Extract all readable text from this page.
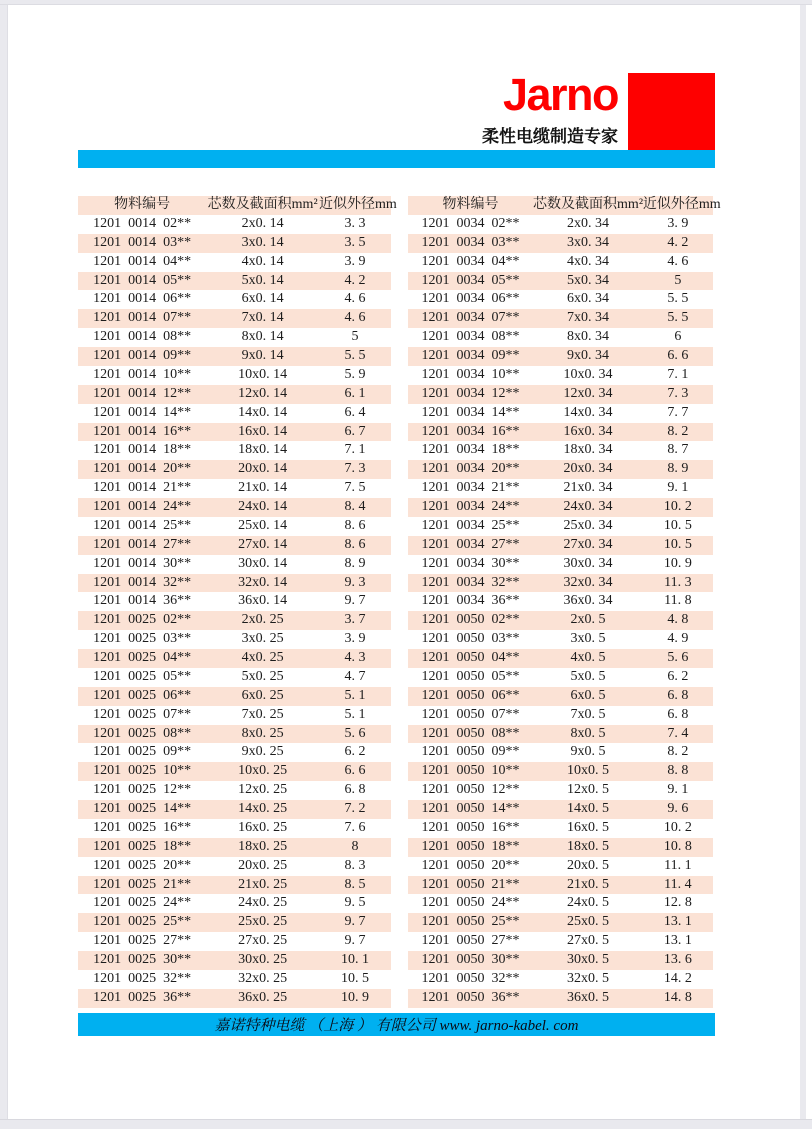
Jarno
柔性电缆制造专家
物料编号	芯数及截面积mm²	近似外径mm
1201  0014  02**	2x0. 14	3. 3
1201  0014  03**	3x0. 14	3. 5
1201  0014  04**	4x0. 14	3. 9
1201  0014  05**	5x0. 14	4. 2
1201  0014  06**	6x0. 14	4. 6
1201  0014  07**	7x0. 14	4. 6
1201  0014  08**	8x0. 14	5
1201  0014  09**	9x0. 14	5. 5
1201  0014  10**	10x0. 14	5. 9
1201  0014  12**	12x0. 14	6. 1
1201  0014  14**	14x0. 14	6. 4
1201  0014  16**	16x0. 14	6. 7
1201  0014  18**	18x0. 14	7. 1
1201  0014  20**	20x0. 14	7. 3
1201  0014  21**	21x0. 14	7. 5
1201  0014  24**	24x0. 14	8. 4
1201  0014  25**	25x0. 14	8. 6
1201  0014  27**	27x0. 14	8. 6
1201  0014  30**	30x0. 14	8. 9
1201  0014  32**	32x0. 14	9. 3
1201  0014  36**	36x0. 14	9. 7
1201  0025  02**	2x0. 25	3. 7
1201  0025  03**	3x0. 25	3. 9
1201  0025  04**	4x0. 25	4. 3
1201  0025  05**	5x0. 25	4. 7
1201  0025  06**	6x0. 25	5. 1
1201  0025  07**	7x0. 25	5. 1
1201  0025  08**	8x0. 25	5. 6
1201  0025  09**	9x0. 25	6. 2
1201  0025  10**	10x0. 25	6. 6
1201  0025  12**	12x0. 25	6. 8
1201  0025  14**	14x0. 25	7. 2
1201  0025  16**	16x0. 25	7. 6
1201  0025  18**	18x0. 25	8
1201  0025  20**	20x0. 25	8. 3
1201  0025  21**	21x0. 25	8. 5
1201  0025  24**	24x0. 25	9. 5
1201  0025  25**	25x0. 25	9. 7
1201  0025  27**	27x0. 25	9. 7
1201  0025  30**	30x0. 25	10. 1
1201  0025  32**	32x0. 25	10. 5
1201  0025  36**	36x0. 25	10. 9
物料编号	芯数及截面积mm²	近似外径mm
1201  0034  02**	2x0. 34	3. 9
1201  0034  03**	3x0. 34	4. 2
1201  0034  04**	4x0. 34	4. 6
1201  0034  05**	5x0. 34	5
1201  0034  06**	6x0. 34	5. 5
1201  0034  07**	7x0. 34	5. 5
1201  0034  08**	8x0. 34	6
1201  0034  09**	9x0. 34	6. 6
1201  0034  10**	10x0. 34	7. 1
1201  0034  12**	12x0. 34	7. 3
1201  0034  14**	14x0. 34	7. 7
1201  0034  16**	16x0. 34	8. 2
1201  0034  18**	18x0. 34	8. 7
1201  0034  20**	20x0. 34	8. 9
1201  0034  21**	21x0. 34	9. 1
1201  0034  24**	24x0. 34	10. 2
1201  0034  25**	25x0. 34	10. 5
1201  0034  27**	27x0. 34	10. 5
1201  0034  30**	30x0. 34	10. 9
1201  0034  32**	32x0. 34	11. 3
1201  0034  36**	36x0. 34	11. 8
1201  0050  02**	2x0. 5	4. 8
1201  0050  03**	3x0. 5	4. 9
1201  0050  04**	4x0. 5	5. 6
1201  0050  05**	5x0. 5	6. 2
1201  0050  06**	6x0. 5	6. 8
1201  0050  07**	7x0. 5	6. 8
1201  0050  08**	8x0. 5	7. 4
1201  0050  09**	9x0. 5	8. 2
1201  0050  10**	10x0. 5	8. 8
1201  0050  12**	12x0. 5	9. 1
1201  0050  14**	14x0. 5	9. 6
1201  0050  16**	16x0. 5	10. 2
1201  0050  18**	18x0. 5	10. 8
1201  0050  20**	20x0. 5	11. 1
1201  0050  21**	21x0. 5	11. 4
1201  0050  24**	24x0. 5	12. 8
1201  0050  25**	25x0. 5	13. 1
1201  0050  27**	27x0. 5	13. 1
1201  0050  30**	30x0. 5	13. 6
1201  0050  32**	32x0. 5	14. 2
1201  0050  36**	36x0. 5	14. 8
嘉诺特种电缆 （上海 ） 有限公司 www. jarno-kabel. com
